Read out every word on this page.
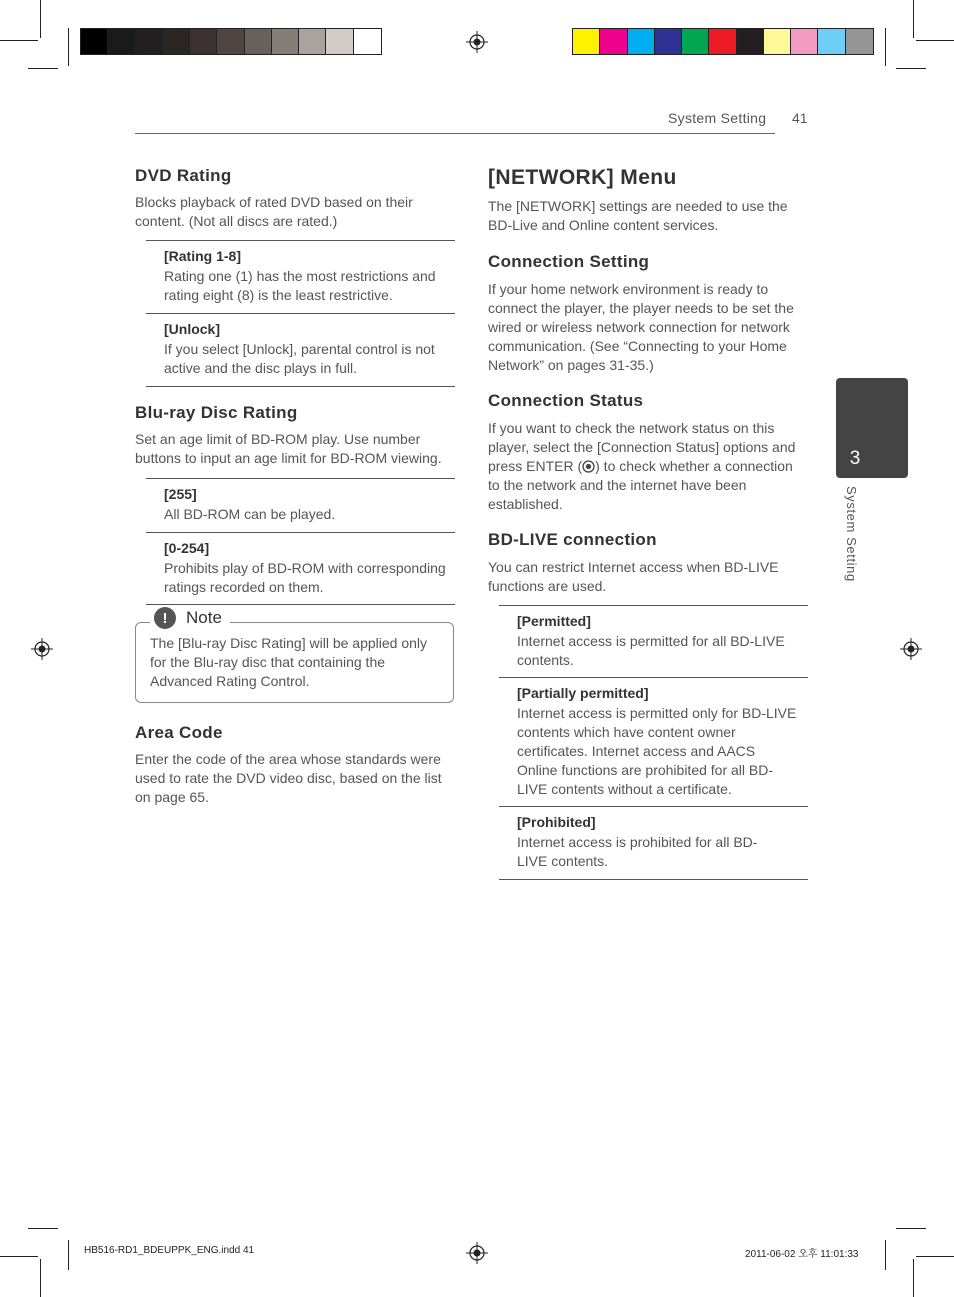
System Setting 41
3
System Setting
DVD Rating

Blocks playback of rated DVD based on their content. (Not all discs are rated.)

[Rating 1-8]

Rating one (1) has the most restrictions and rating eight (8) is the least restrictive.

[Unlock]

If you select [Unlock], parental control is not active and the disc plays in full.

Blu-ray Disc Rating

Set an age limit of BD-ROM play. Use number buttons to input an age limit for BD-ROM viewing.

[255]

All BD-ROM can be played.

[0-254]

Prohibits play of BD-ROM with corresponding ratings recorded on them.

The [Blu-ray Disc Rating] will be applied only for the Blu-ray disc that containing the Advanced Rating Control.

!	Note
Area Code

Enter the code of the area whose standards were used to rate the DVD video disc, based on the list on page 65.

[NETWORK] Menu

The [NETWORK] settings are needed to use the BD-Live and Online content services.

Connection Setting

If your home network environment is ready to connect the player, the player needs to be set the wired or wireless network connection for network communication. (See “Connecting to your Home Network” on pages 31-35.)

Connection Status

If you want to check the network status on this player, select the [Connection Status] options and press ENTER ( ) to check whether a connection to the network and the internet have been established.

BD-LIVE connection

You can restrict Internet access when BD-LIVE functions are used.

[Permitted]

Internet access is permitted for all BD-LIVE contents.

[Partially permitted]

Internet access is permitted only for BD-LIVE contents which have content owner certificates. Internet access and AACS Online functions are prohibited for all BD-LIVE contents without a certificate.

[Prohibited]

Internet access is prohibited for all BD-LIVE contents.

HB516-RD1_BDEUPPK_ENG.indd 41	2011-06-02 오후 11:01:33
